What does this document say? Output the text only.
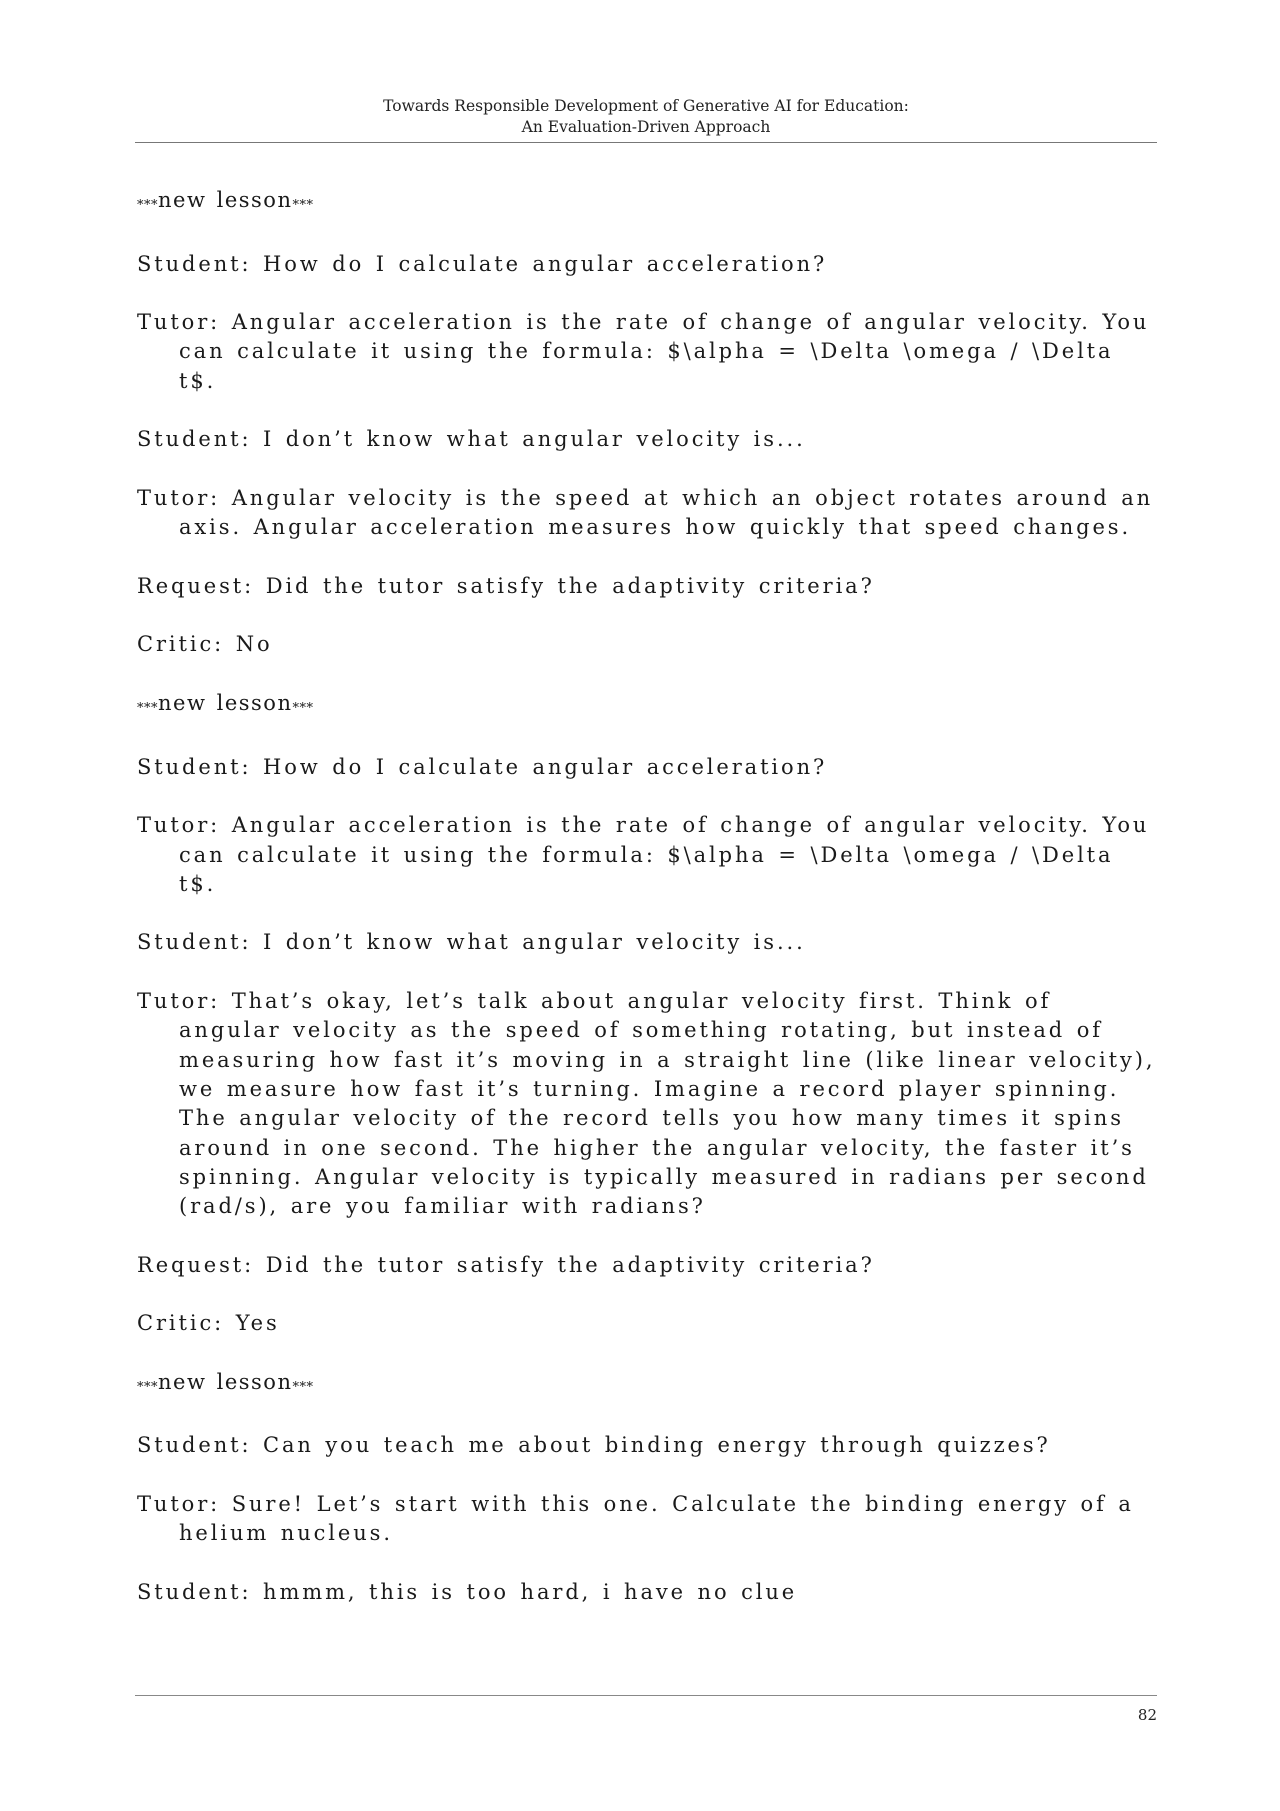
Towards Responsible Development of Generative AI for Education:
An Evaluation-Driven Approach
***new lesson***
Student: How do I calculate angular acceleration?
Tutor: Angular acceleration is the rate of change of angular velocity. You can calculate it using the formula: $\alpha = \Delta \omega / \Delta t$.
Student: I don’t know what angular velocity is...
Tutor: Angular velocity is the speed at which an object rotates around an axis. Angular acceleration measures how quickly that speed changes.
Request: Did the tutor satisfy the adaptivity criteria?
Critic: No
***new lesson***
Student: How do I calculate angular acceleration?
Tutor: Angular acceleration is the rate of change of angular velocity. You can calculate it using the formula: $\alpha = \Delta \omega / \Delta t$.
Student: I don’t know what angular velocity is...
Tutor: That’s okay, let’s talk about angular velocity first. Think of angular velocity as the speed of something rotating, but instead of measuring how fast it’s moving in a straight line (like linear velocity), we measure how fast it’s turning. Imagine a record player spinning. The angular velocity of the record tells you how many times it spins around in one second. The higher the angular velocity, the faster it’s spinning. Angular velocity is typically measured in radians per second (rad/s), are you familiar with radians?
Request: Did the tutor satisfy the adaptivity criteria?
Critic: Yes
***new lesson***
Student: Can you teach me about binding energy through quizzes?
Tutor: Sure! Let’s start with this one. Calculate the binding energy of a helium nucleus.
Student: hmmm, this is too hard, i have no clue
82
